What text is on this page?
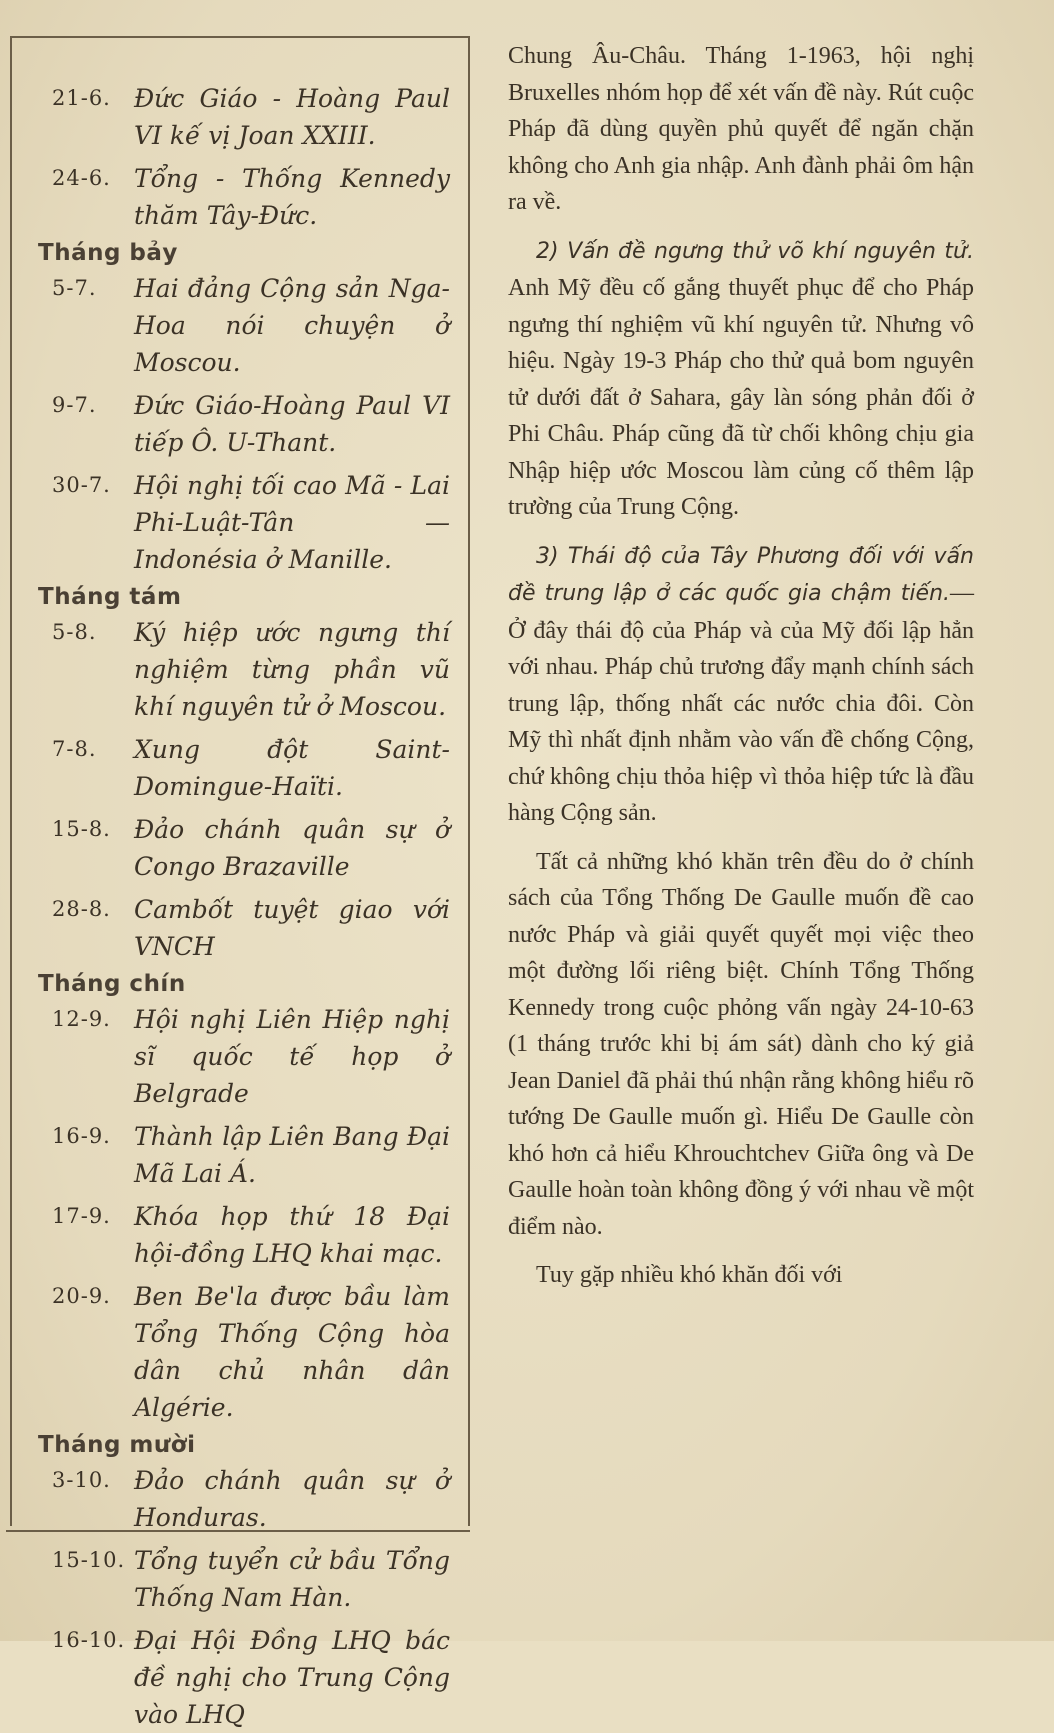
21-6. Đức Giáo - Hoàng Paul VI kế vị Joan XXIII.
24-6. Tổng - Thống Kennedy thăm Tây-Đức.
Tháng bảy
5-7.	Hai đảng Cộng sản Nga-Hoa nói chuyện ở Moscou.
9-7.	Đức Giáo-Hoàng Paul VI tiếp Ô. U-Thant.
30-7. Hội nghị tối cao Mã - Lai Phi-Luật-Tân — Indonésia ở Manille.
Tháng tám
5-8.	Ký hiệp ước ngưng thí nghiệm từng phần vũ khí nguyên tử ở Moscou.
7-8.	Xung đột Saint-Domingue-Haïti.
15-8. Đảo chánh quân sự ở Congo Brazaville
28-8. Cambốt tuyệt giao với VNCH
Tháng chín
12-9. Hội nghị Liên Hiệp nghị sĩ quốc tế họp ở Belgrade
16-9. Thành lập Liên Bang Đại Mã Lai Á.
17-9. Khóa họp thứ 18 Đại hội-đồng LHQ khai mạc.
20-9. Ben Be'la được bầu làm Tổng Thống Cộng hòa dân chủ nhân dân Algérie.
Tháng mười
3-10. Đảo chánh quân sự ở Honduras.
15-10. Tổng tuyển cử bầu Tổng Thống Nam Hàn.
16-10. Đại Hội Đồng LHQ bác đề nghị cho Trung Cộng vào LHQ

Chung Âu-Châu. Tháng 1-1963, hội nghị Bruxelles nhóm họp để xét vấn đề này. Rút cuộc Pháp đã dùng quyền phủ quyết để ngăn chặn không cho Anh gia nhập. Anh đành phải ôm hận ra về.

2) Vấn đề ngưng thử võ khí nguyên tử. Anh Mỹ đều cố gắng thuyết phục để cho Pháp ngưng thí nghiệm vũ khí nguyên tử. Nhưng vô hiệu. Ngày 19-3 Pháp cho thử quả bom nguyên tử dưới đất ở Sahara, gây làn sóng phản đối ở Phi Châu. Pháp cũng đã từ chối không chịu gia Nhập hiệp ước Moscou làm củng cố thêm lập trường của Trung Cộng.

3) Thái độ của Tây Phương đối với vấn đề trung lập ở các quốc gia chậm tiến.— Ở đây thái độ của Pháp và của Mỹ đối lập hẳn với nhau. Pháp chủ trương đẩy mạnh chính sách trung lập, thống nhất các nước chia đôi. Còn Mỹ thì nhất định nhằm vào vấn đề chống Cộng, chứ không chịu thỏa hiệp vì thỏa hiệp tức là đầu hàng Cộng sản.

Tất cả những khó khăn trên đều do ở chính sách của Tổng Thống De Gaulle muốn đề cao nước Pháp và giải quyết quyết mọi việc theo một đường lối riêng biệt. Chính Tổng Thống Kennedy trong cuộc phỏng vấn ngày 24-10-63 (1 tháng trước khi bị ám sát) dành cho ký giả Jean Daniel đã phải thú nhận rằng không hiểu rõ tướng De Gaulle muốn gì. Hiểu De Gaulle còn khó hơn cả hiểu Khrouchtchev Giữa ông và De Gaulle hoàn toàn không đồng ý với nhau về một điểm nào.

Tuy gặp nhiều khó khăn đối với
